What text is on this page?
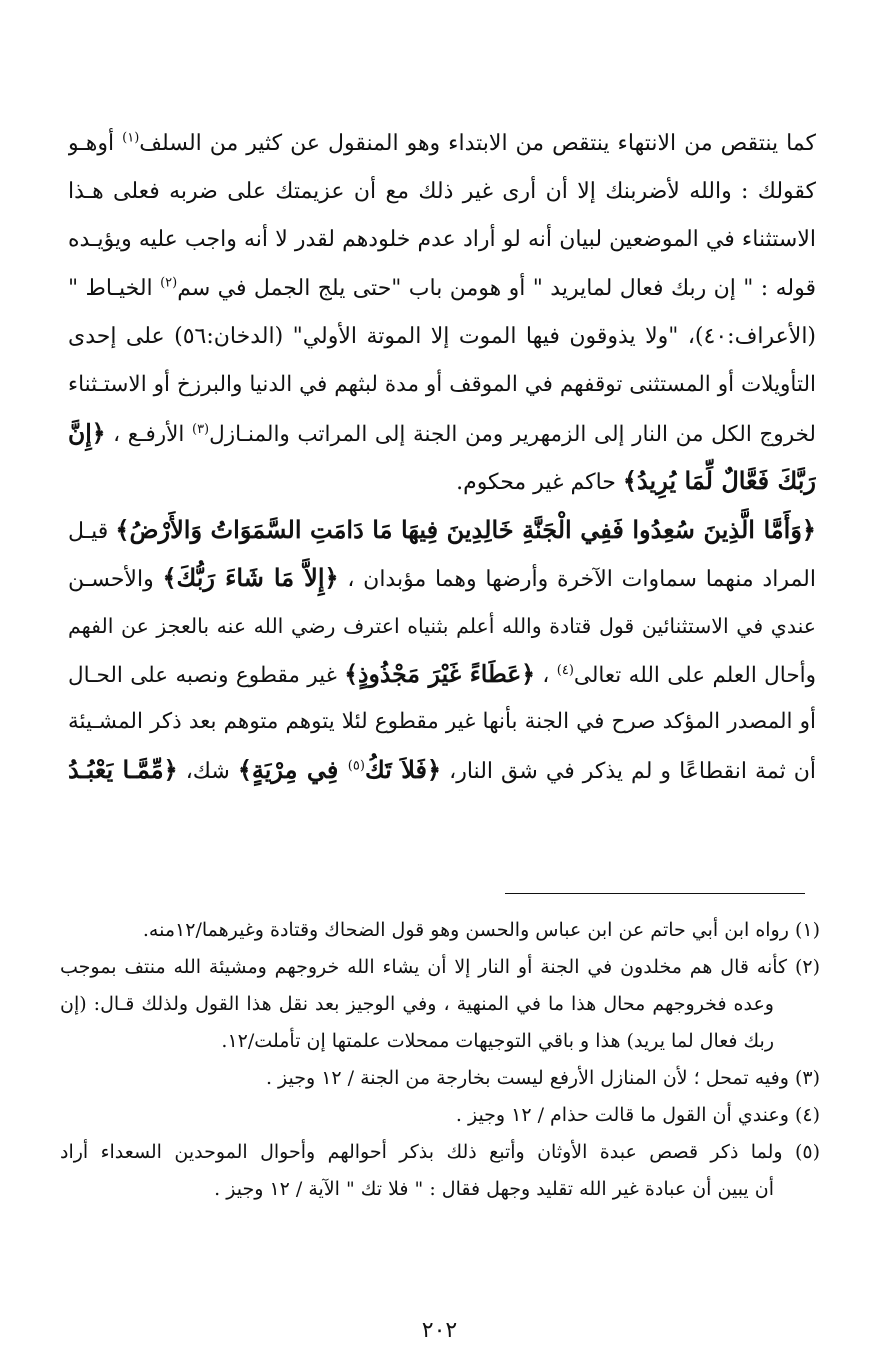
كما ينتقص من الانتهاء ينتقص من الابتداء وهو المنقول عن كثير من السلف$^{(١)}$ أوهـو
كقولك : والله لأضربنك إلا أن أرى غير ذلك مع أن عزيمتك على ضربه فعلى هـذا
الاستثناء في الموضعين لبيان أنه لو أراد عدم خلودهم لقدر لا أنه واجب عليه ويؤيـده
قوله : " إن ربك فعال لمايريد " أو هومن باب "حتى يلج الجمل في سم$^{(٢)}$ الخيـاط "
(الأعراف:٤٠)، "ولا يذوقون فيها الموت إلا الموتة الأولي" (الدخان:٥٦) على إحدى
التأويلات أو المستثنى توقفهم في الموقف أو مدة لبثهم في الدنيا والبرزخ أو الاستـثناء
لخروج الكل من النار إلى الزمهرير ومن الجنة إلى المراتب والمنـازل$^{(٣)}$ الأرفـع ، ﴿إِنَّ
رَبَّكَ فَعَّالٌ لِّمَا يُرِيدُ﴾ حاكم غير محكوم.
﴿وَأَمَّا الَّذِينَ سُعِدُوا فَفِي الْجَنَّةِ خَالِدِينَ فِيهَا مَا دَامَتِ السَّمَوَاتُ وَالأَرْضُ﴾ قيـل
المراد منهما سماوات الآخرة وأرضها وهما مؤبدان ، ﴿إِلاَّ مَا شَاءَ رَبُّكَ﴾ والأحسـن
عندي في الاستثنائين قول قتادة والله أعلم بثنياه اعترف رضي الله عنه بالعجز عن الفهم
وأحال العلم على الله تعالى$^{(٤)}$ ، ﴿عَطَاءً غَيْرَ مَجْذُوذٍ﴾ غير مقطوع ونصبه على الحـال
أو المصدر المؤكد صرح في الجنة بأنها غير مقطوع لئلا يتوهم متوهم بعد ذكر المشـيئة
أن ثمة انقطاعًا و لم يذكر في شق النار، ﴿فَلاَ تَكُ$^{(٥)}$ فِي مِرْيَةٍ﴾ شك، ﴿مِّمَّـا يَعْبُـدُ
(١) رواه ابن أبي حاتم عن ابن عباس والحسن وهو قول الضحاك وقتادة وغيرهما/١٢منه.
(٢) كأنه قال هم مخلدون في الجنة أو النار إلا أن يشاء الله خروجهم ومشيئة الله منتف بموجب
وعده فخروجهم محال هذا ما في المنهية ، وفي الوجيز بعد نقل هذا القول ولذلك قـال: (إن
ربك فعال لما يريد) هذا و باقي التوجيهات ممحلات علمتها إن تأملت/١٢.
(٣) وفيه تمحل ؛ لأن المنازل الأرفع ليست بخارجة من الجنة / ١٢ وجيز .
(٤) وعندي أن القول ما قالت حذام / ١٢ وجيز .
(٥) ولما ذكر قصص عبدة الأوثان وأتبع ذلك بذكر أحوالهم وأحوال الموحدين السعداء أراد
أن يبين أن عبادة غير الله تقليد وجهل فقال : " فلا تك " الآية / ١٢ وجيز .
٢٠٢
